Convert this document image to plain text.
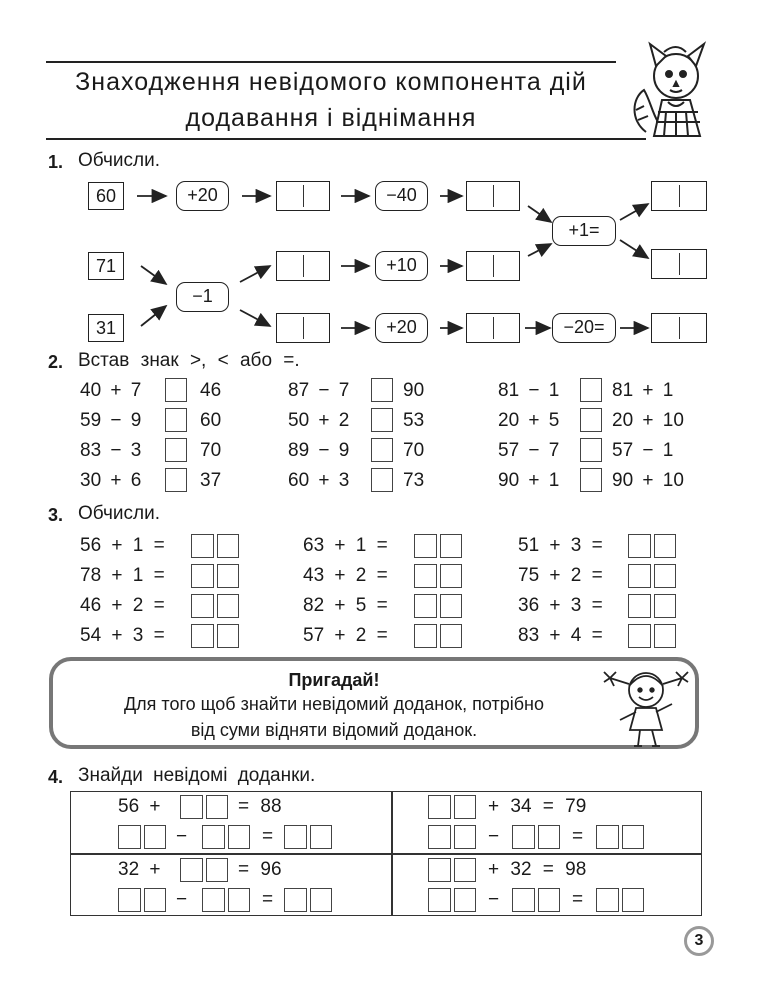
Знаходження невідомого компонента дій
додавання і віднімання
1. Обчисли.
60
71
31
+20	−40
+1=
−1
+10
+20	−20=
2. Встав знак >, < або =.
40 + 7	46	87 − 7	90	81 − 1	81 + 1
59 − 9	60	50 + 2	53	20 + 5	20 + 10
83 − 3	70	89 − 9	70	57 − 7	57 − 1
30 + 6	37	60 + 3	73	90 + 1	90 + 10
3. Обчисли.
56 + 1 =	63 + 1 =	51 + 3 =
78 + 1 =	43 + 2 =	75 + 2 =
46 + 2 =	82 + 5 =	36 + 3 =
54 + 3 =	57 + 2 =	83 + 4 =
Пригадай!
Для того щоб знайти невідомий доданок, потрібно
від суми відняти відомий доданок.
4. Знайди невідомі доданки.
56 +	= 88
−	=
+ 34 = 79
−	=
32 +	= 96
−	=
+ 32 = 98
−	=
3
